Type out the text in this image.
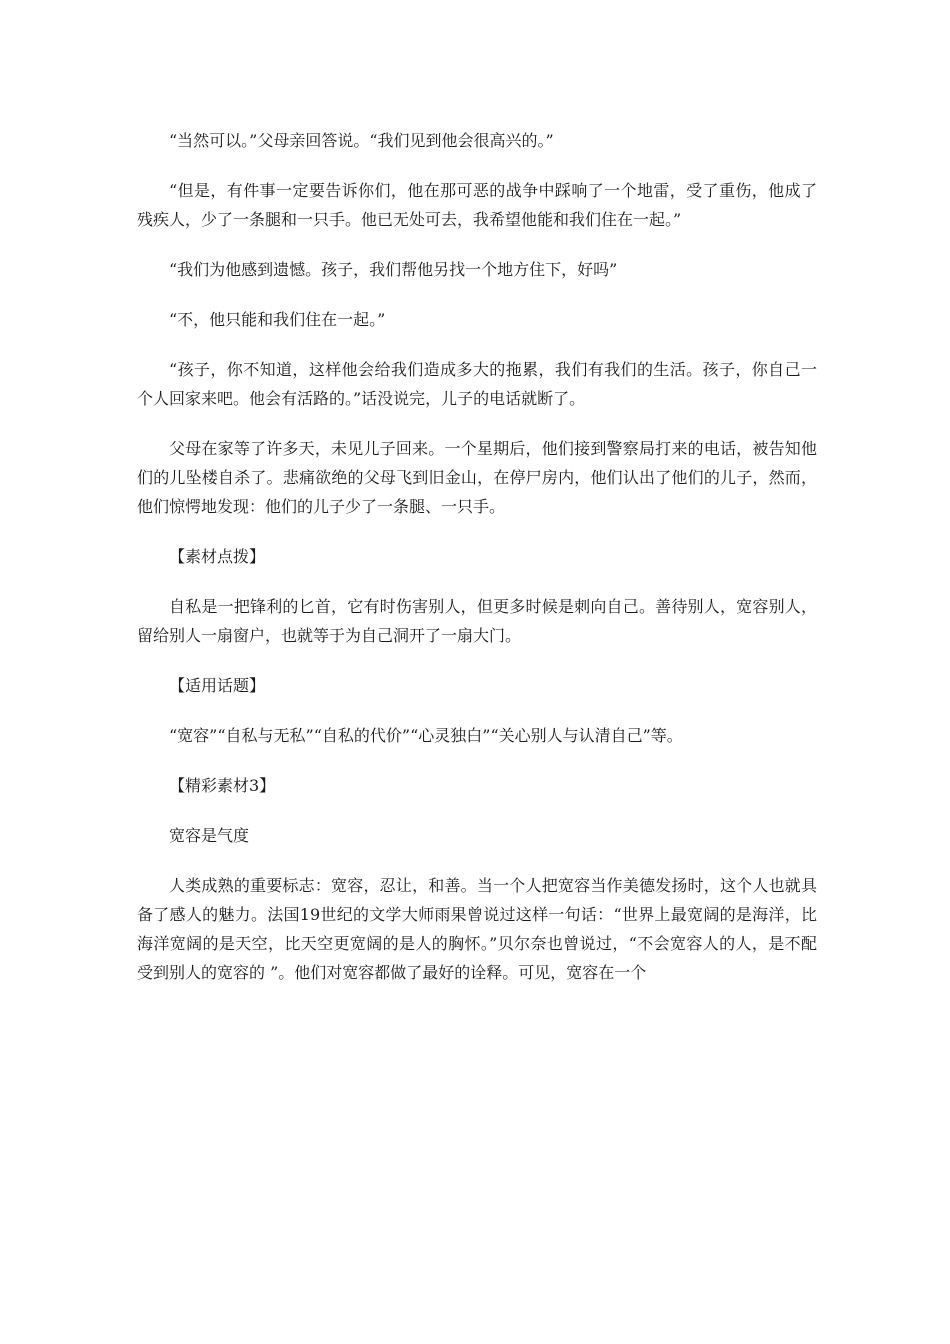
“当然可以。”父母亲回答说。“我们见到他会很高兴的。”

“但是，有件事一定要告诉你们，他在那可恶的战争中踩响了一个地雷，受了重伤，他成了残疾人，少了一条腿和一只手。他已无处可去，我希望他能和我们住在一起。”

“我们为他感到遗憾。孩子，我们帮他另找一个地方住下，好吗”

“不，他只能和我们住在一起。”

“孩子，你不知道，这样他会给我们造成多大的拖累，我们有我们的生活。孩子，你自己一个人回家来吧。他会有活路的。”话没说完，儿子的电话就断了。

父母在家等了许多天，未见儿子回来。一个星期后，他们接到警察局打来的电话，被告知他们的儿坠楼自杀了。悲痛欲绝的父母飞到旧金山，在停尸房内，他们认出了他们的儿子，然而，他们惊愕地发现：他们的儿子少了一条腿、一只手。

【素材点拨】

自私是一把锋利的匕首，它有时伤害别人，但更多时候是刺向自己。善待别人，宽容别人，留给别人一扇窗户，也就等于为自己洞开了一扇大门。

【适用话题】

“宽容”“自私与无私”“自私的代价”“心灵独白”“关心别人与认清自己”等。

【精彩素材3】

宽容是气度

人类成熟的重要标志：宽容，忍让，和善。当一个人把宽容当作美德发扬时，这个人也就具备了感人的魅力。法国19世纪的文学大师雨果曾说过这样一句话：“世界上最宽阔的是海洋，比海洋宽阔的是天空，比天空更宽阔的是人的胸怀。”贝尔奈也曾说过，“不会宽容人的人，是不配受到别人的宽容的 ”。他们对宽容都做了最好的诠释。可见，宽容在一个
